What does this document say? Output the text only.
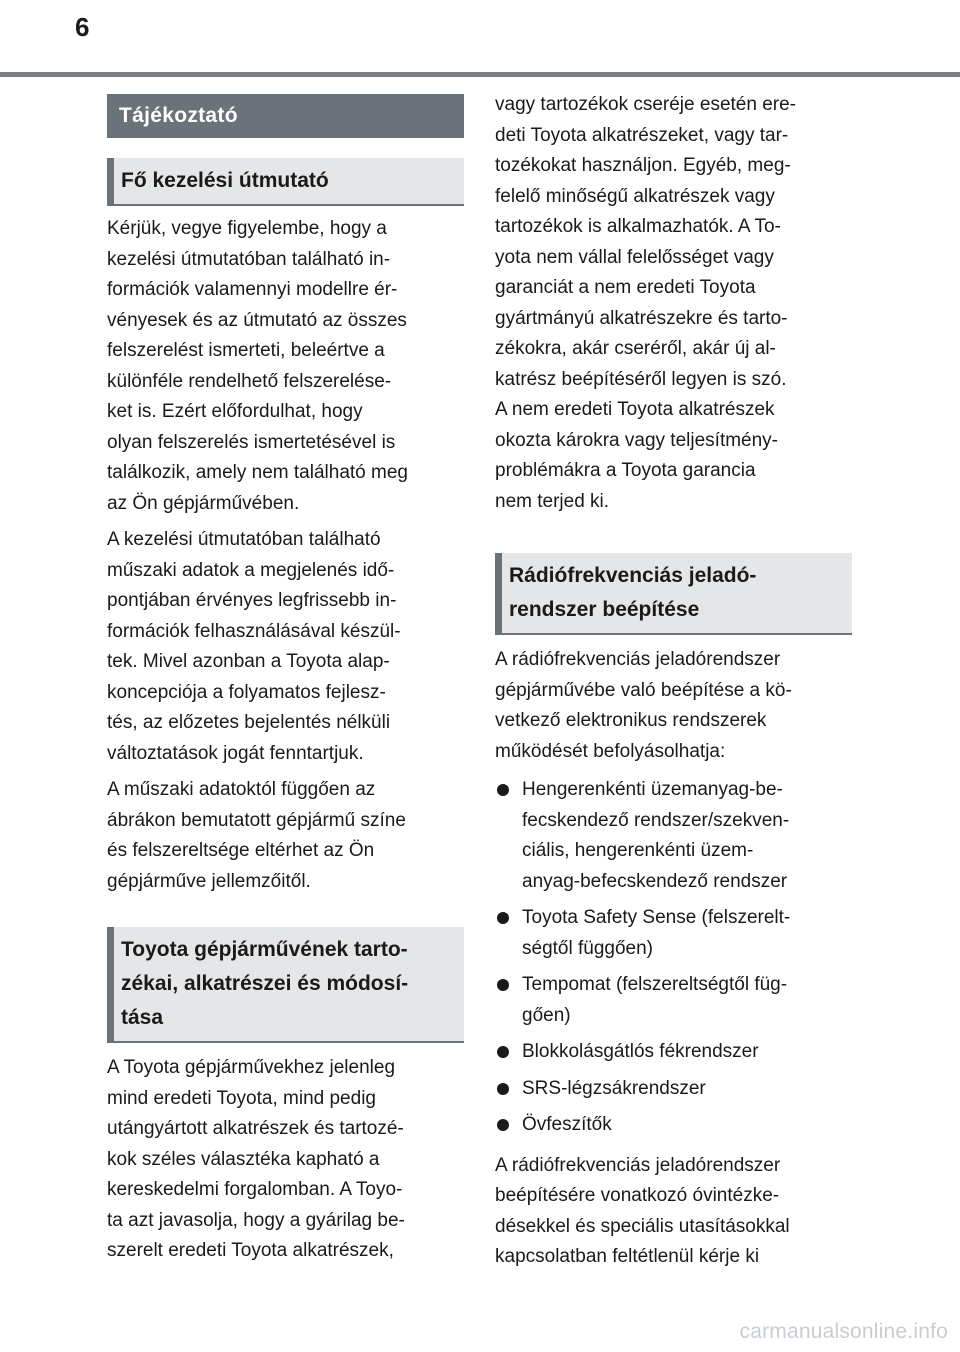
6
Tájékoztató
Fő kezelési útmutató

Kérjük, vegye figyelembe, hogy a
kezelési útmutatóban található in-
formációk valamennyi modellre ér-
vényesek és az útmutató az összes
felszerelést ismerteti, beleértve a
különféle rendelhető felszerelése-
ket is. Ezért előfordulhat, hogy
olyan felszerelés ismertetésével is
találkozik, amely nem található meg
az Ön gépjárművében.

A kezelési útmutatóban található
műszaki adatok a megjelenés idő-
pontjában érvényes legfrissebb in-
formációk felhasználásával készül-
tek. Mivel azonban a Toyota alap-
koncepciója a folyamatos fejlesz-
tés, az előzetes bejelentés nélküli
változtatások jogát fenntartjuk.

A műszaki adatoktól függően az
ábrákon bemutatott gépjármű színe
és felszereltsége eltérhet az Ön
gépjárműve jellemzőitől.

Toyota gépjárművének tarto-
zékai, alkatrészei és módosí-
tása

A Toyota gépjárművekhez jelenleg
mind eredeti Toyota, mind pedig
utángyártott alkatrészek és tartozé-
kok széles választéka kapható a
kereskedelmi forgalomban. A Toyo-
ta azt javasolja, hogy a gyárilag be-
szerelt eredeti Toyota alkatrészek,

vagy tartozékok cseréje esetén ere-
deti Toyota alkatrészeket, vagy tar-
tozékokat használjon. Egyéb, meg-
felelő minőségű alkatrészek vagy
tartozékok is alkalmazhatók. A To-
yota nem vállal felelősséget vagy
garanciát a nem eredeti Toyota
gyártmányú alkatrészekre és tarto-
zékokra, akár cseréről, akár új al-
katrész beépítéséről legyen is szó.
A nem eredeti Toyota alkatrészek
okozta károkra vagy teljesítmény-
problémákra a Toyota garancia
nem terjed ki.

Rádiófrekvenciás jeladó-
rendszer beépítése

A rádiófrekvenciás jeladórendszer
gépjárművébe való beépítése a kö-
vetkező elektronikus rendszerek
működését befolyásolhatja:

Hengerenkénti üzemanyag-be-
fecskendező rendszer/szekven-
ciális, hengerenkénti üzem-
anyag-befecskendező rendszer
Toyota Safety Sense (felszerelt-
ségtől függően)
Tempomat (felszereltségtől füg-
gően)
Blokkolásgátlós fékrendszer
SRS-légzsákrendszer
Övfeszítők

A rádiófrekvenciás jeladórendszer
beépítésére vonatkozó óvintézke-
désekkel és speciális utasításokkal
kapcsolatban feltétlenül kérje ki

carmanualsonline.info
